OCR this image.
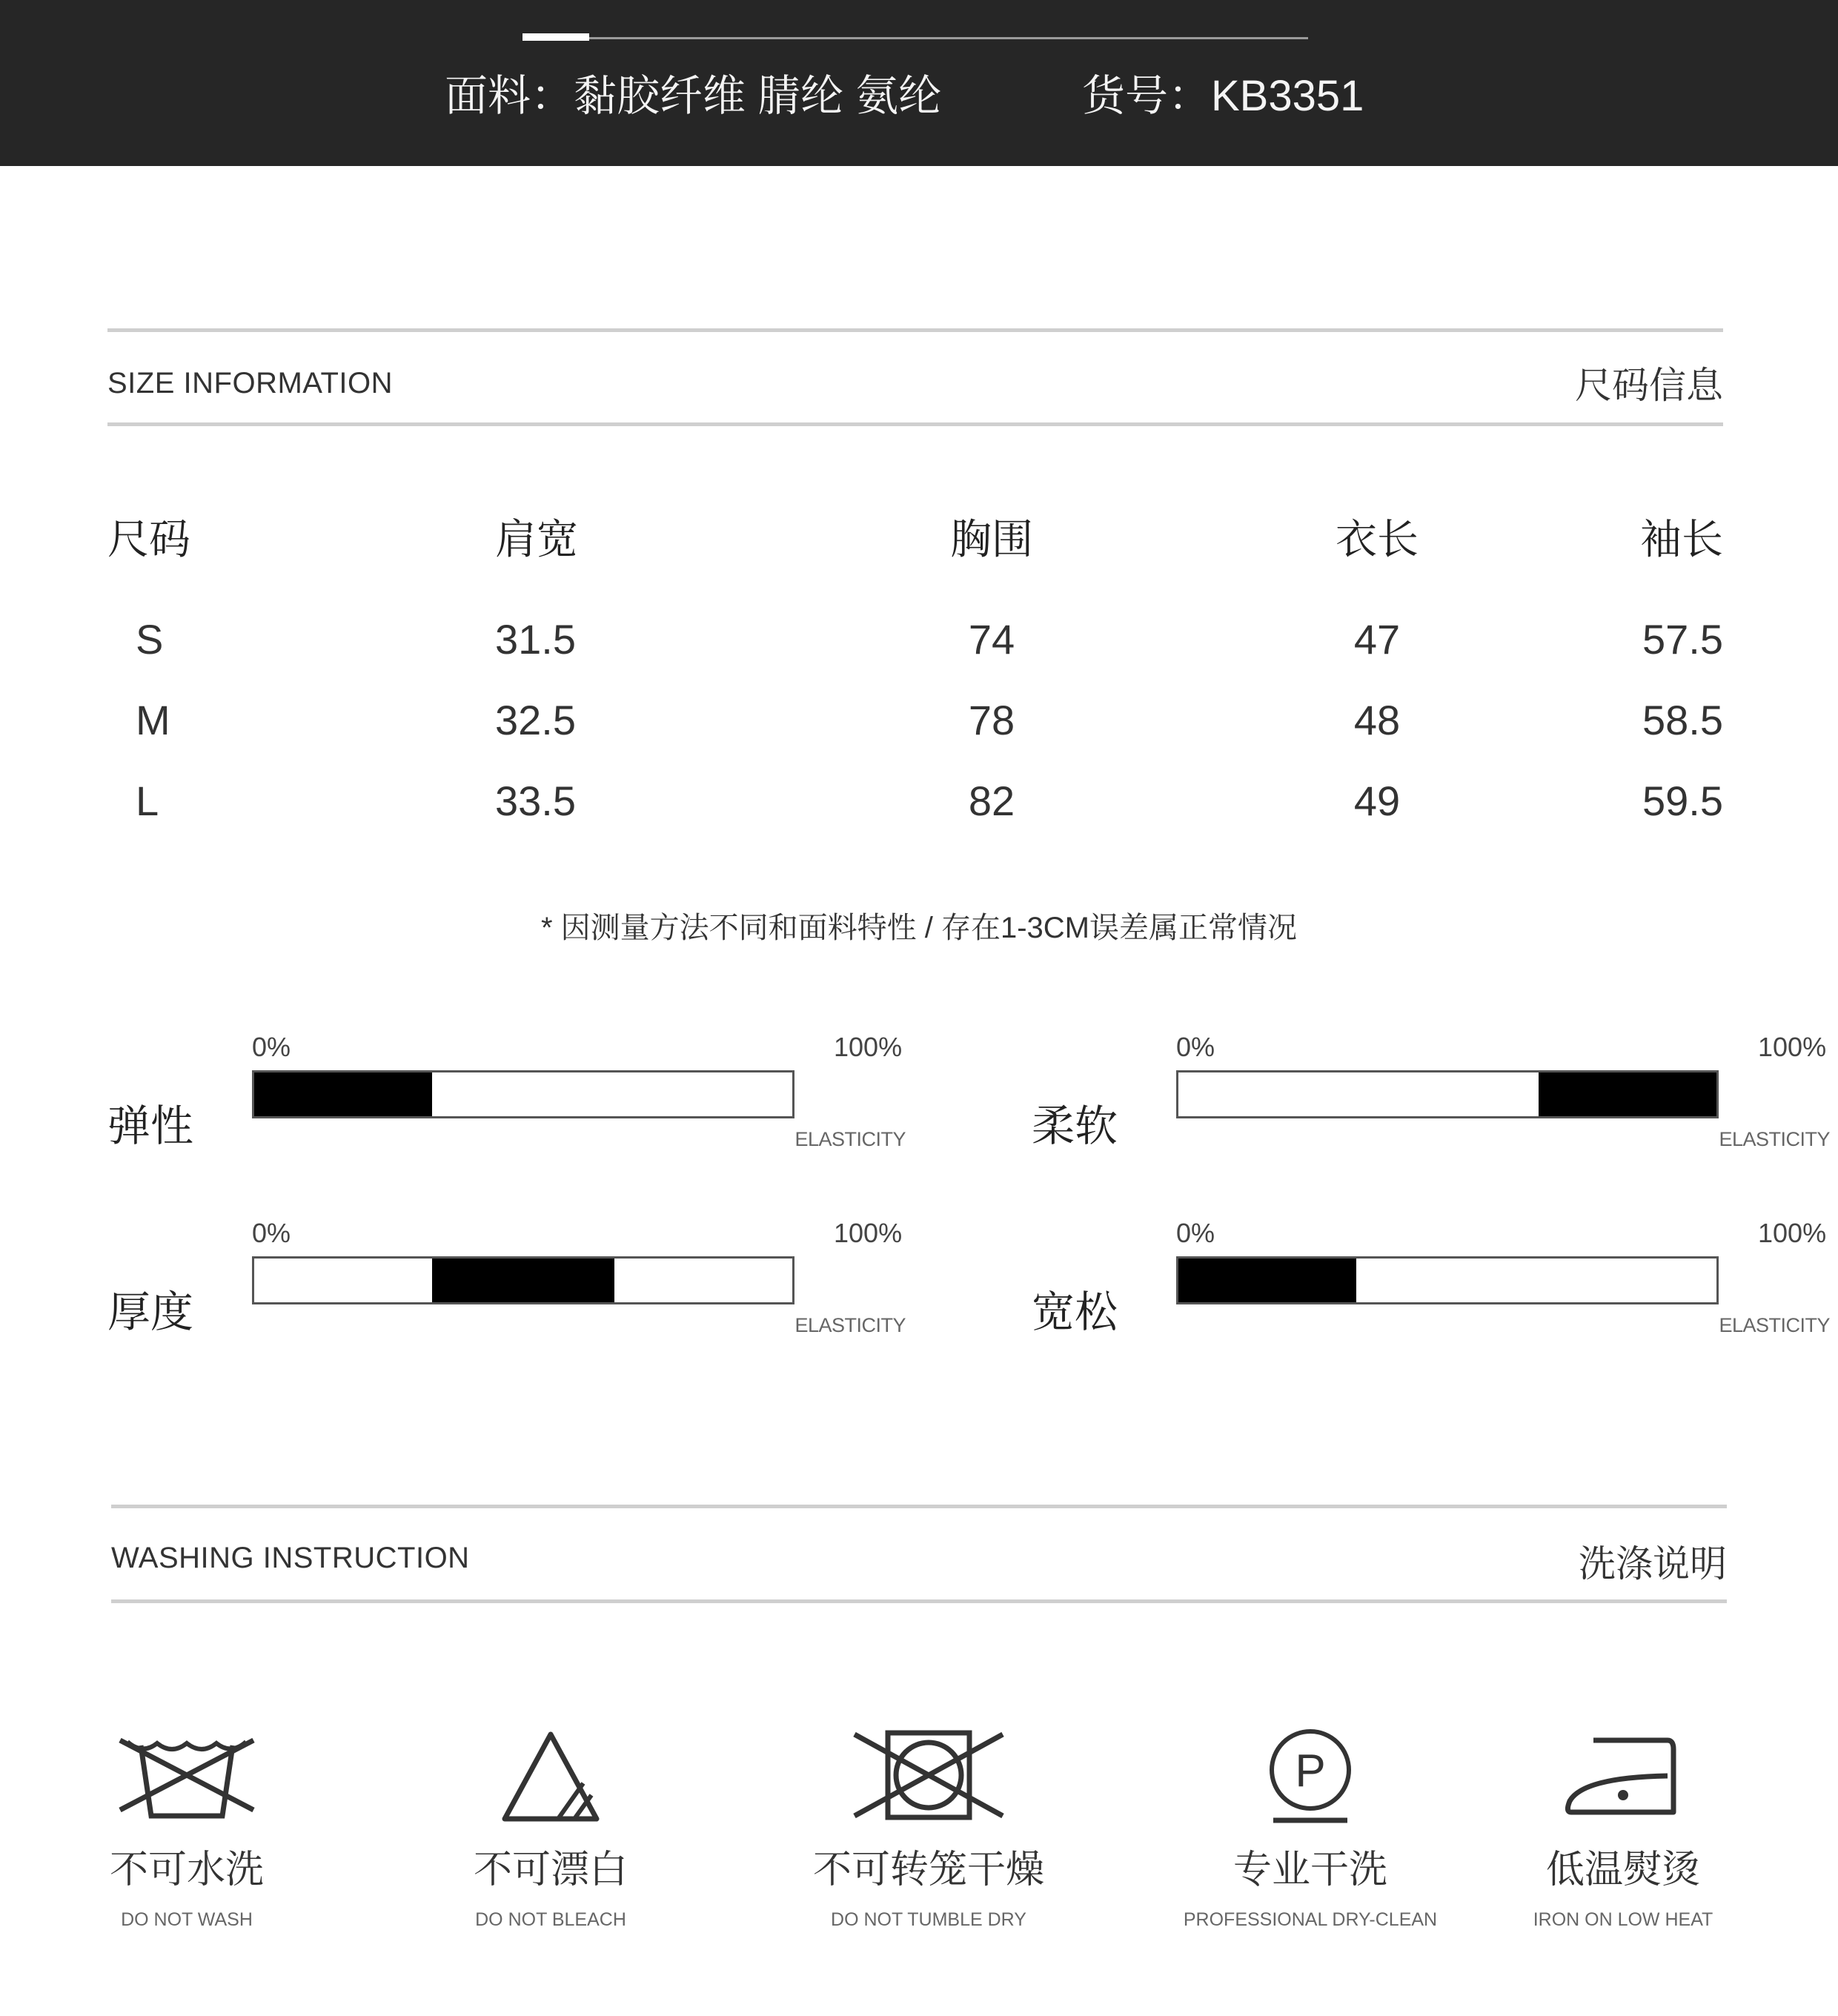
面料：黏胶纤维 腈纶 氨纶	货号：KB3351
SIZE INFORMATION	尺码信息
尺码	肩宽	胸围	衣长	袖长

S	31.5	74	47	57.5
M	32.5	78	48	58.5
L	33.5	82	49	59.5
* 因测量方法不同和面料特性 / 存在1-3CM误差属正常情况
弹性
0%	100%
ELASTICITY	柔软
0%	100%
ELASTICITY
厚度
0%	100%
ELASTICITY	宽松
0%	100%
ELASTICITY
WASHING INSTRUCTION	洗涤说明
不可水洗
DO NOT WASH
不可漂白
DO NOT BLEACH
不可转笼干燥
DO NOT TUMBLE DRY
P
专业干洗
PROFESSIONAL DRY-CLEAN
低温熨烫
IRON ON LOW HEAT
